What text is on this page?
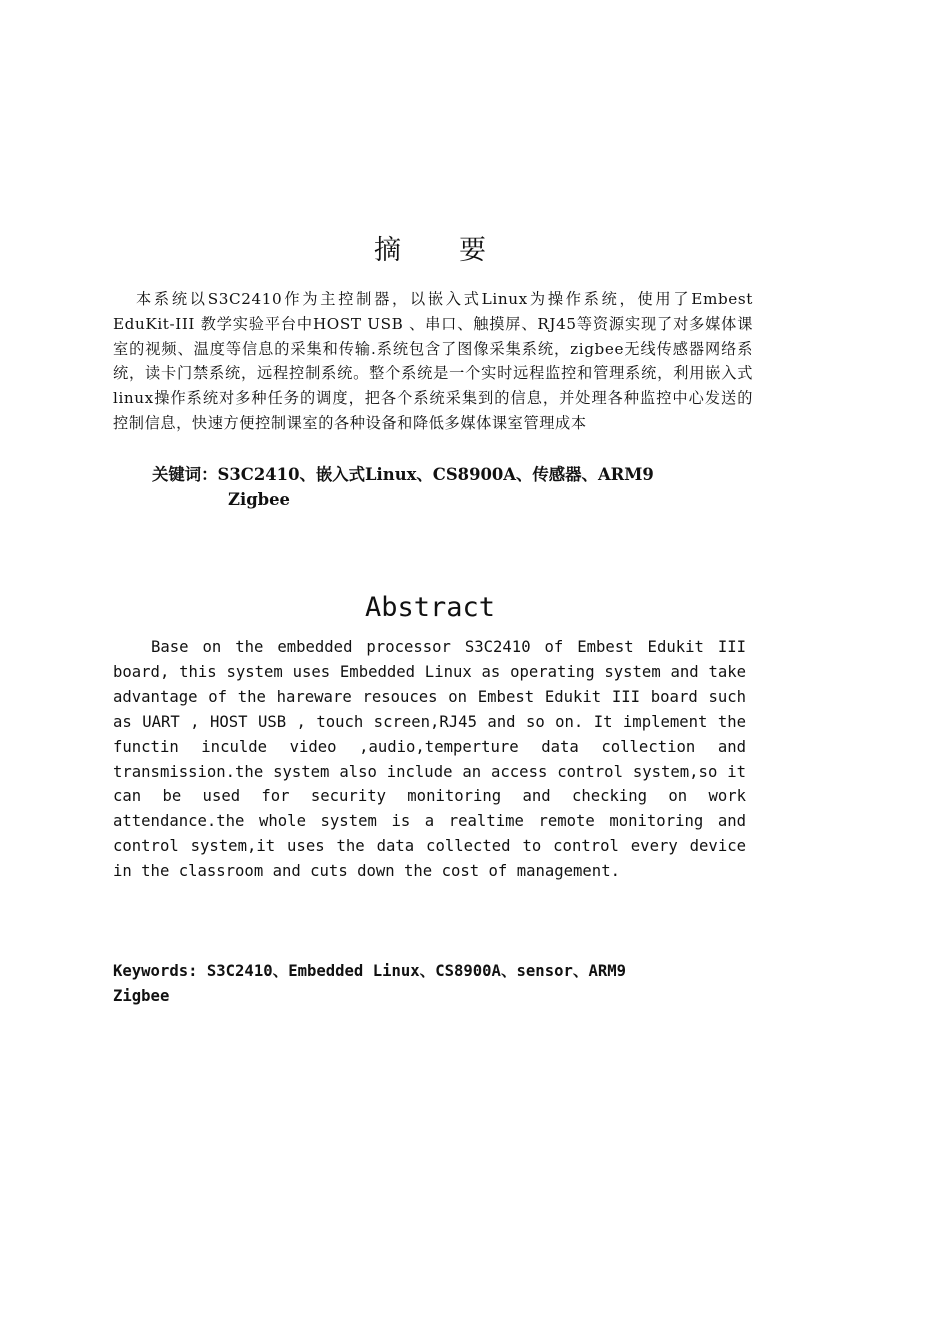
摘要

本系统以S3C2410作为主控制器，以嵌入式Linux为操作系统，使用了Embest EduKit-III 教学实验平台中HOST USB 、串口、触摸屏、RJ45等资源实现了对多媒体课室的视频、温度等信息的采集和传输.系统包含了图像采集系统，zigbee无线传感器网络系统，读卡门禁系统，远程控制系统。整个系统是一个实时远程监控和管理系统，利用嵌入式linux操作系统对多种任务的调度，把各个系统采集到的信息，并处理各种监控中心发送的控制信息，快速方便控制课室的各种设备和降低多媒体课室管理成本

关键词：S3C2410、嵌入式Linux、CS8900A、传感器、ARM9
Zigbee
Abstract

Base on the embedded processor S3C2410 of Embest Edukit III board, this system uses Embedded Linux as operating system and take advantage of the hareware resouces on Embest Edukit III board such as UART , HOST USB , touch screen,RJ45 and so on. It implement the functin inculde video ,audio,temperture data collection and transmission.the system also include an access control system,so it can be used for security monitoring and checking on work attendance.the whole system is a realtime remote monitoring and control system,it uses the data collected to control every device in the classroom and cuts down the cost of management.

Keywords: S3C2410、Embedded Linux、CS8900A、sensor、ARM9
Zigbee
